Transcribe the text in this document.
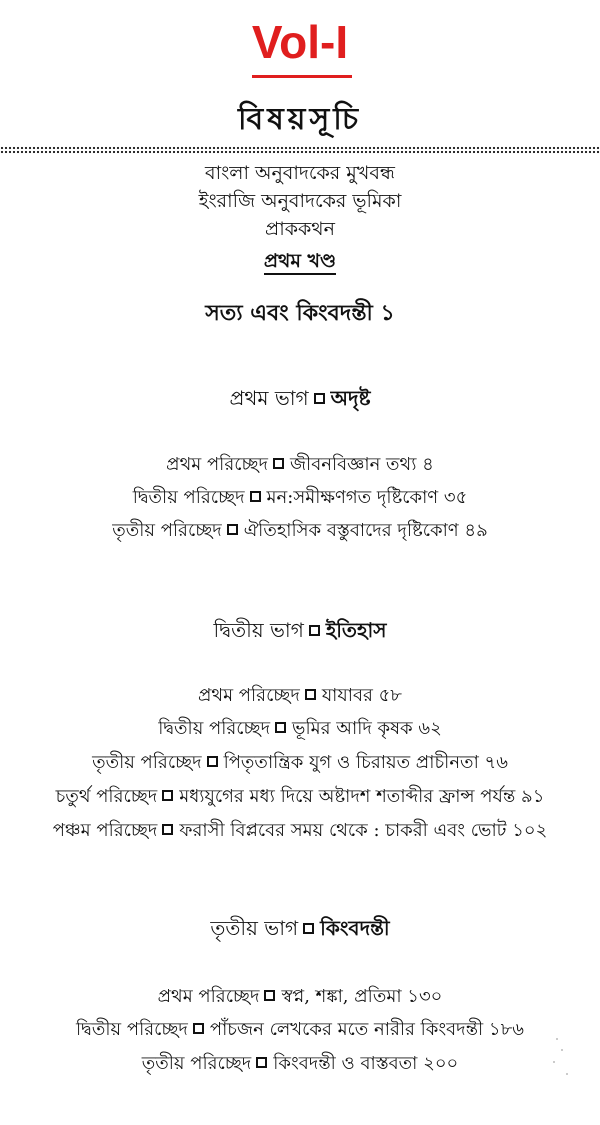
Vol-I
বিষয়সূচি
বাংলা অনুবাদকের মুখবন্ধ
ইংরাজি অনুবাদকের ভূমিকা
প্রাককথন
প্রথম খণ্ড
সত্য এবং কিংবদন্তী ১
প্রথম ভাগ অদৃষ্ট
প্রথম পরিচ্ছেদ জীবনবিজ্ঞান তথ্য ৪
দ্বিতীয় পরিচ্ছেদ মন:সমীক্ষণগত দৃষ্টিকোণ ৩৫
তৃতীয় পরিচ্ছেদ ঐতিহাসিক বস্তুবাদের দৃষ্টিকোণ ৪৯
দ্বিতীয় ভাগ ইতিহাস
প্রথম পরিচ্ছেদ যাযাবর ৫৮
দ্বিতীয় পরিচ্ছেদ ভূমির আদি কৃষক ৬২
তৃতীয় পরিচ্ছেদ পিতৃতান্ত্রিক যুগ ও চিরায়ত প্রাচীনতা ৭৬
চতুর্থ পরিচ্ছেদ মধ্যযুগের মধ্য দিয়ে অষ্টাদশ শতাব্দীর ফ্রান্স পর্যন্ত ৯১
পঞ্চম পরিচ্ছেদ ফরাসী বিপ্লবের সময় থেকে : চাকরী এবং ভোট ১০২
তৃতীয় ভাগ কিংবদন্তী
প্রথম পরিচ্ছেদ স্বপ্ন, শঙ্কা, প্রতিমা ১৩০
দ্বিতীয় পরিচ্ছেদ পাঁচজন লেখকের মতে নারীর কিংবদন্তী ১৮৬
তৃতীয় পরিচ্ছেদ কিংবদন্তী ও বাস্তবতা ২০০
